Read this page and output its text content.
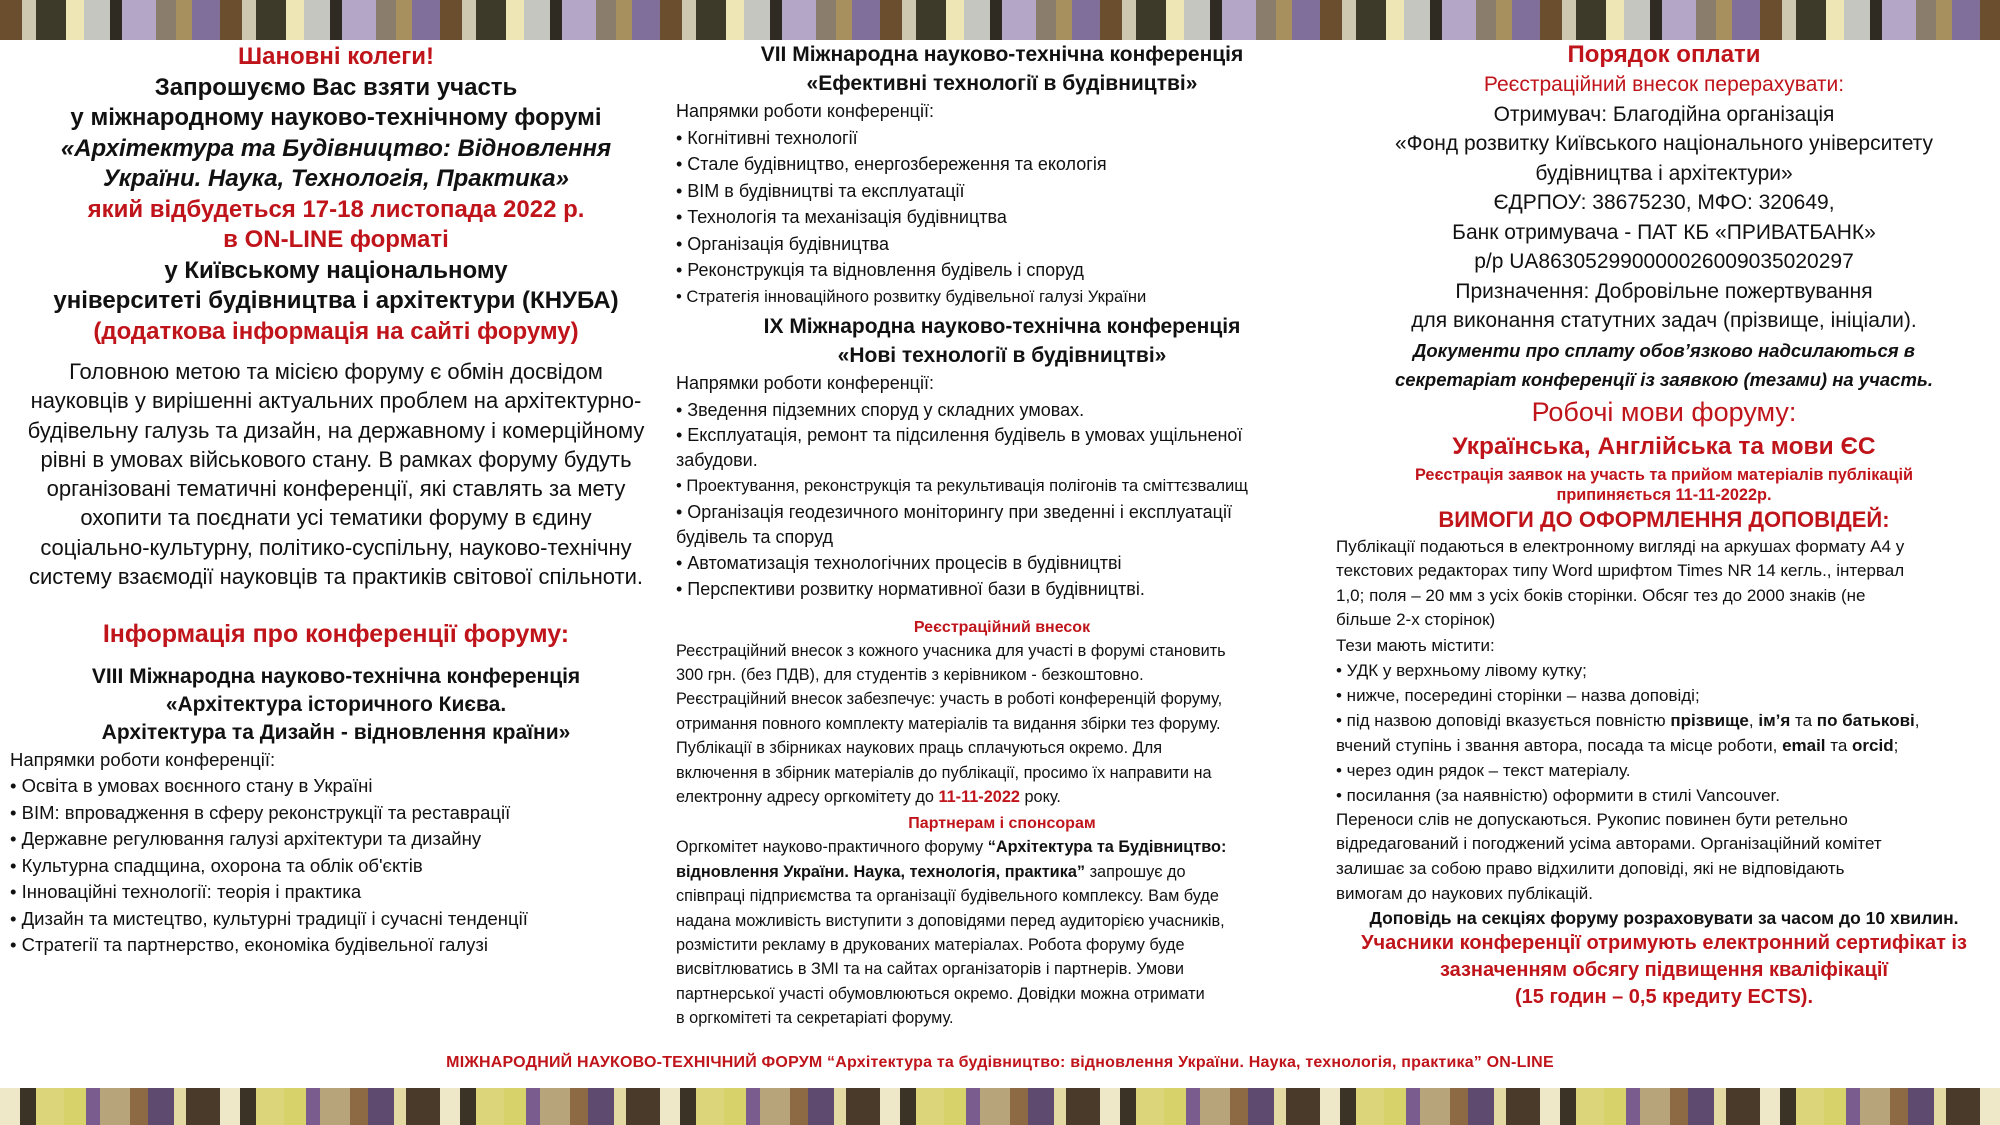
Шановні колеги!
Запрошуємо Вас взяти участь
у міжнародному науково-технічному форумі
«Архітектура та Будівництво: Відновлення
України. Наука, Технологія, Практика»
який відбудеться 17-18 листопада 2022 р.
в ON-LINE форматі
у Київському національному
університеті будівництва і архітектури (КНУБА)
(додаткова інформація на сайті форуму)
Головною метою та місією форуму є обмін досвідом
науковців у вирішенні актуальних проблем на архітектурно-
будівельну галузь та дизайн, на державному і комерційному
рівні в умовах військового стану. В рамках форуму будуть
організовані тематичні конференції, які ставлять за мету
охопити та поєднати усі тематики форуму в єдину
соціально-культурну, політико-суспільну, науково-технічну
систему взаємодії науковців та практиків світової спільноти.
Інформація про конференції форуму:
VIII Міжнародна науково-технічна конференція
«Архітектура історичного Києва.
Архітектура та Дизайн - відновлення країни»
Напрямки роботи конференції:
• Освіта в умовах воєнного стану в Україні
• ВІМ: впровадження в сферу реконструкції та реставрації
• Державне регулювання галузі архітектури та дизайну
• Культурна спадщина, охорона та облік об'єктів
• Інноваційні технології: теорія і практика
• Дизайн та мистецтво, культурні традиції і сучасні тенденції
• Стратегії та партнерство, економіка будівельної галузі
VII Міжнародна науково-технічна конференція
«Ефективні технології в будівництві»
Напрямки роботи конференції:
• Когнітивні технології
• Стале будівництво, енергозбереження та екологія
• ВІМ в будівництві та експлуатації
• Технологія та механізація будівництва
• Організація будівництва
• Реконструкція та відновлення будівель і споруд
• Стратегія інноваційного розвитку будівельної галузі України
IX Міжнародна науково-технічна конференція
«Нові технології в будівництві»
Напрямки роботи конференції:
• Зведення підземних споруд у складних умовах.
• Експлуатація, ремонт та підсилення будівель в умовах ущільненої
забудови.
• Проектування, реконструкція та рекультивація полігонів та сміттєзвалищ
• Організація геодезичного моніторингу при зведенні і експлуатації
будівель та споруд
• Автоматизація технологічних процесів в будівництві
• Перспективи розвитку нормативної бази в будівництві.
Реєстраційний внесок
Реєстраційний внесок з кожного учасника для участі в форумі становить
300 грн. (без ПДВ), для студентів з керівником - безкоштовно.
Реєстраційний внесок забезпечує: участь в роботі конференцій форуму,
отримання повного комплекту матеріалів та видання збірки тез форуму.
Публікації в збірниках наукових праць сплачуються окремо. Для
включення в збірник матеріалів до публікації, просимо їх направити на
електронну адресу оргкомітету до 11-11-2022 року.
Партнерам і спонсорам
Оргкомітет науково-практичного форуму “Архітектура та Будівництво:
відновлення України. Наука, технологія, практика” запрошує до
співпраці підприємства та організації будівельного комплексу. Вам буде
надана можливість виступити з доповідями перед аудиторією учасників,
розмістити рекламу в друкованих матеріалах. Робота форуму буде
висвітлюватись в ЗМІ та на сайтах організаторів і партнерів. Умови
партнерської участі обумовлюються окремо. Довідки можна отримати
в оргкомітеті та секретаріаті форуму.
Порядок оплати
Реєстраційний внесок перерахувати:
Отримувач: Благодійна організація
«Фонд розвитку Київського національного університету
будівництва і архітектури»
ЄДРПОУ: 38675230, МФО: 320649,
Банк отримувача - ПАТ КБ «ПРИВАТБАНК»
р/р UA863052990000026009035020297
Призначення: Добровільне пожертвування
для виконання статутних задач (прізвище, ініціали).
Документи про сплату обов’язково надсилаються в
секретаріат конференції із заявкою (тезами) на участь.
Робочі мови форуму:
Українська, Англійська та мови ЄС
Реєстрація заявок на участь та прийом матеріалів публікацій
припиняється 11-11-2022р.
ВИМОГИ ДО ОФОРМЛЕННЯ ДОПОВІДЕЙ:
Публікації подаються в електронному вигляді на аркушах формату А4 у
текстових редакторах типу Word шрифтом Times NR 14 кегль., інтервал
1,0; поля – 20 мм з усіх боків сторінки. Обсяг тез до 2000 знаків (не
більше 2-х сторінок)
Тези мають містити:
• УДК у верхньому лівому кутку;
• нижче, посередині сторінки – назва доповіді;
• під назвою доповіді вказується повністю прізвище, ім’я та по батькові,
вчений ступінь і звання автора, посада та місце роботи, email та orcid;
• через один рядок – текст матеріалу.
• посилання (за наявністю) оформити в стилі Vancouver.
Переноси слів не допускаються. Рукопис повинен бути ретельно
відредагований і погоджений усіма авторами. Організаційний комітет
залишає за собою право відхилити доповіді, які не відповідають
вимогам до наукових публікацій.
Доповідь на секціях форуму розраховувати за часом до 10 хвилин.
Учасники конференції отримують електронний сертифікат із
зазначенням обсягу підвищення кваліфікації
(15 годин – 0,5 кредиту ECTS).
МІЖНАРОДНИЙ НАУКОВО-ТЕХНІЧНИЙ ФОРУМ “Архітектура та будівництво: відновлення України. Наука, технологія, практика” ON-LINE
